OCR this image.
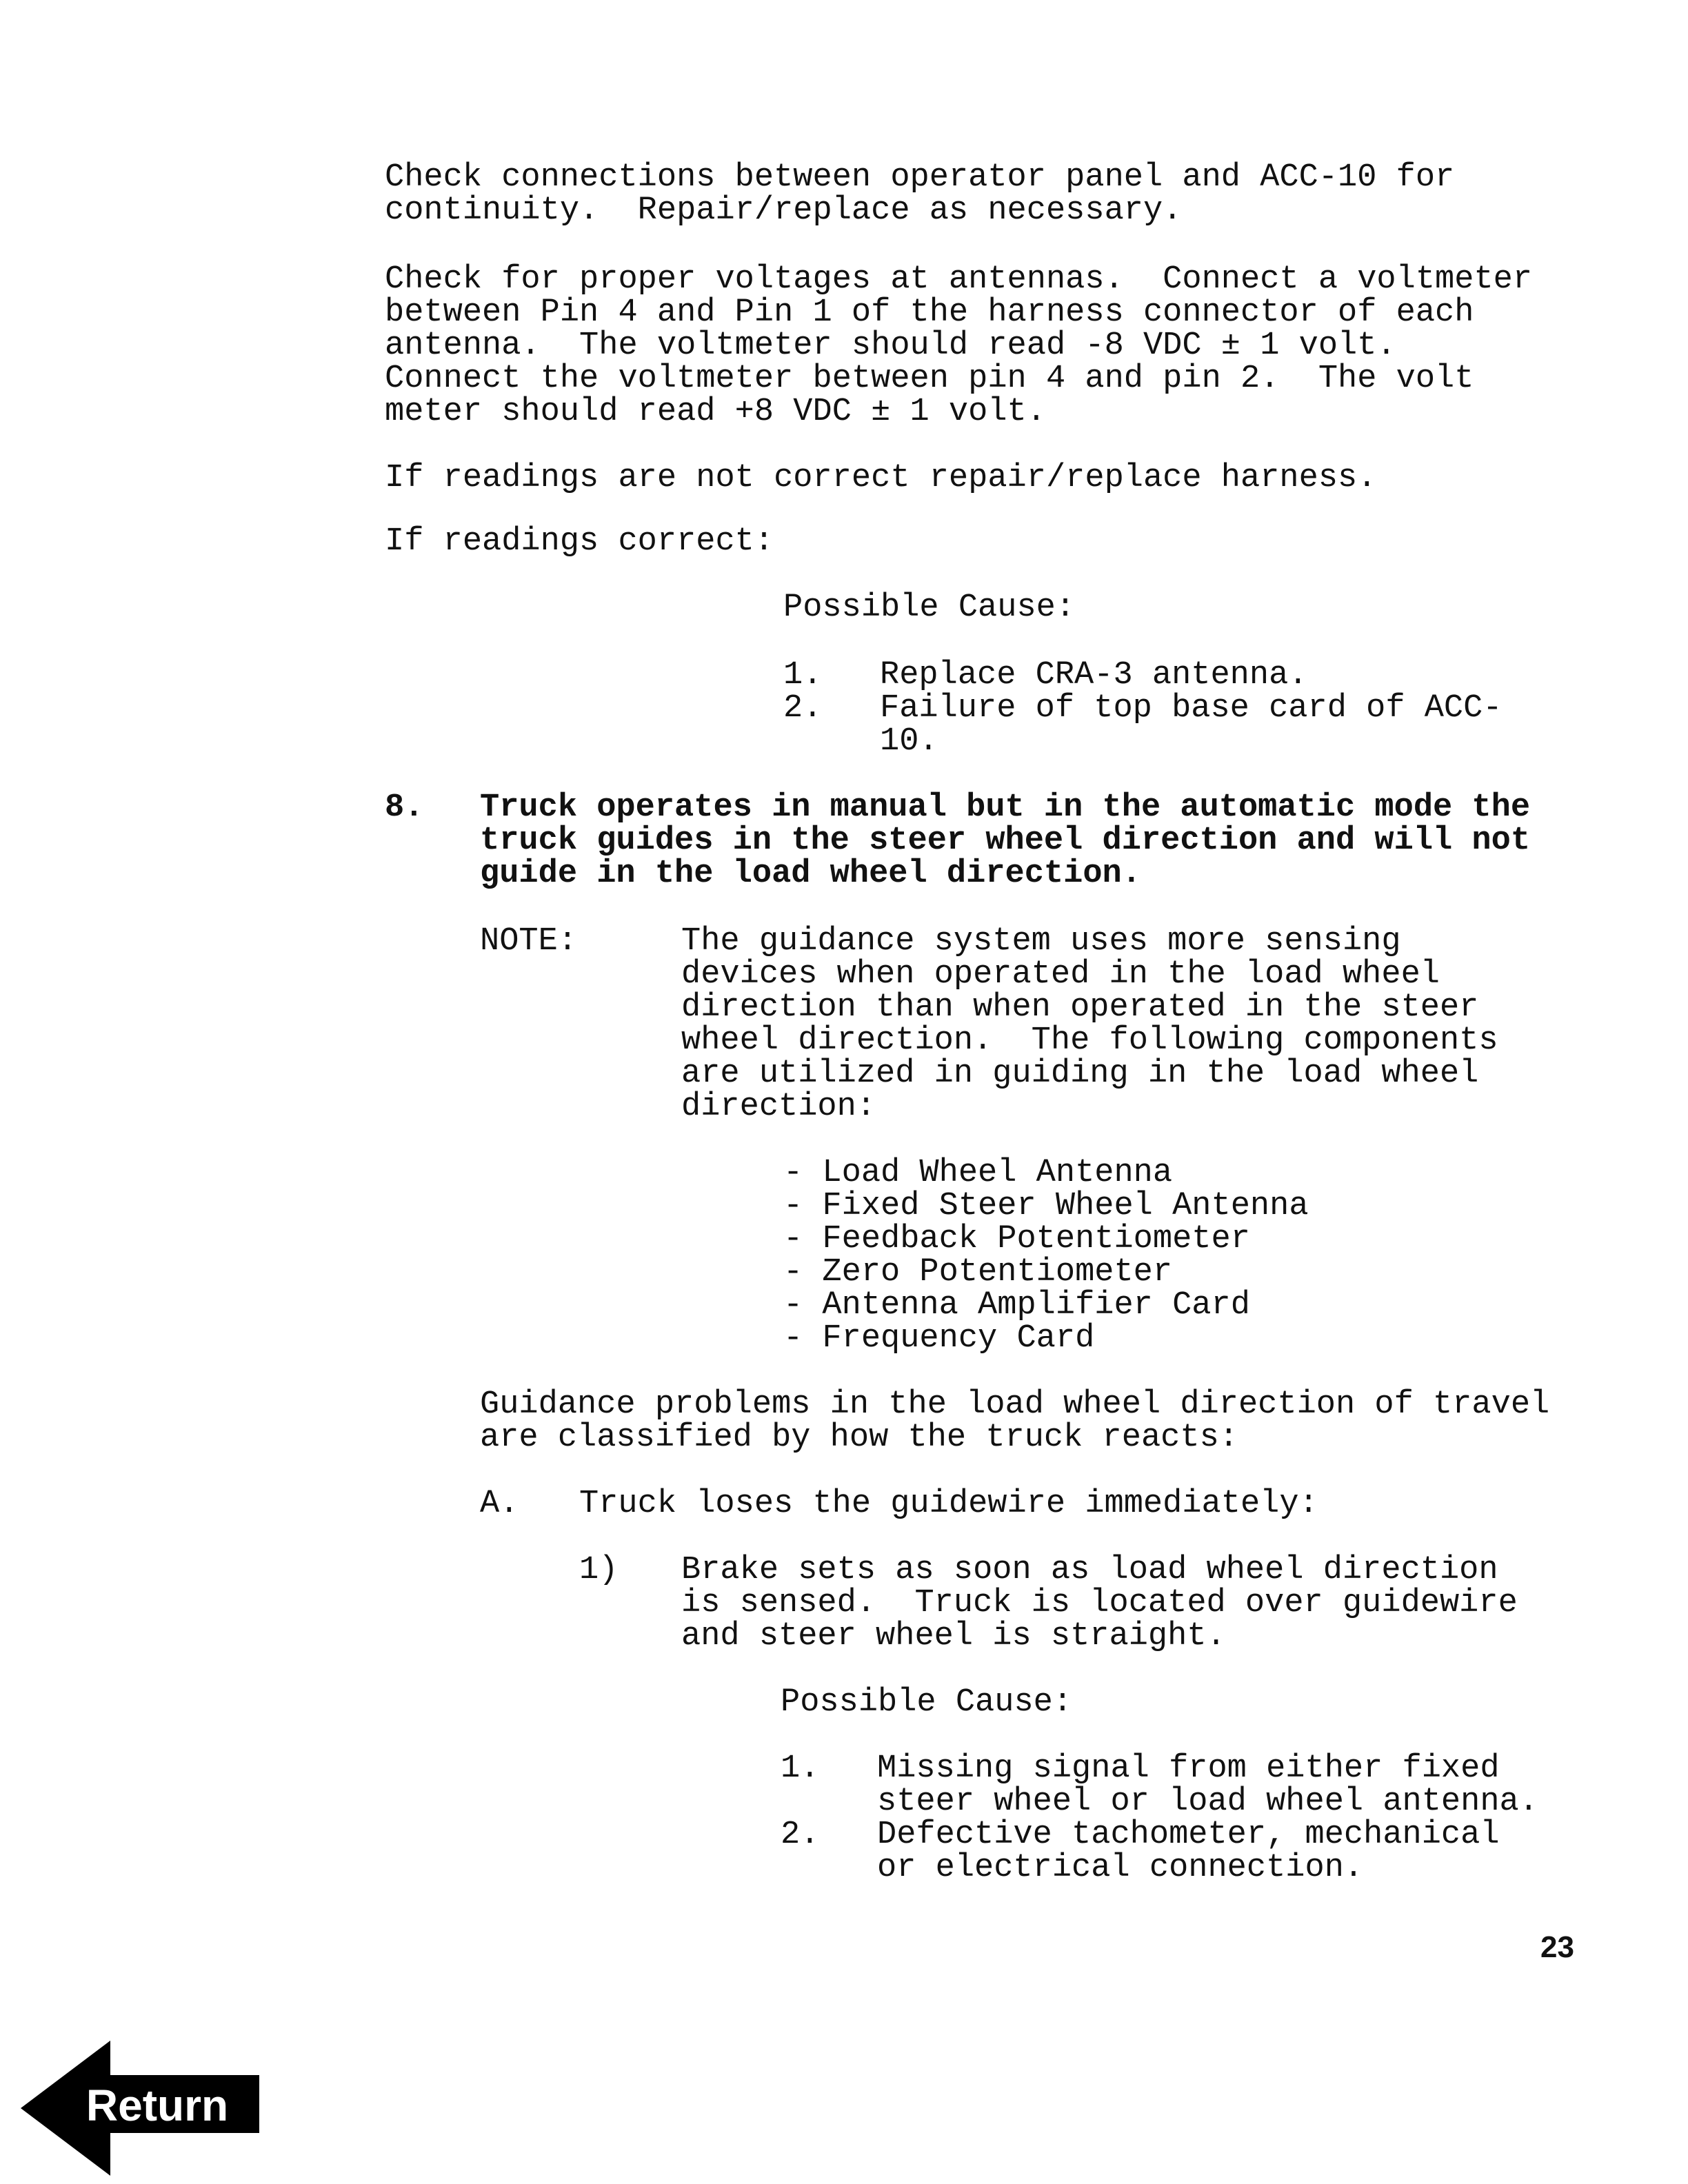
Check connections between operator panel and ACC-10 for
continuity.  Repair/replace as necessary.
Check for proper voltages at antennas.  Connect a voltmeter
between Pin 4 and Pin 1 of the harness connector of each
antenna.  The voltmeter should read -8 VDC ± 1 volt.
Connect the voltmeter between pin 4 and pin 2.  The volt
meter should read +8 VDC ± 1 volt.
If readings are not correct repair/replace harness.
If readings correct:
Possible Cause:
1. Replace CRA-3 antenna.
2. Failure of top base card of ACC-
10.
8. Truck operates in manual but in the automatic mode the
truck guides in the steer wheel direction and will not
guide in the load wheel direction.
NOTE:	The guidance system uses more sensing
devices when operated in the load wheel
direction than when operated in the steer
wheel direction.  The following components
are utilized in guiding in the load wheel
direction:
- Load Wheel Antenna
- Fixed Steer Wheel Antenna
- Feedback Potentiometer
- Zero Potentiometer
- Antenna Amplifier Card
- Frequency Card
Guidance problems in the load wheel direction of travel
are classified by how the truck reacts:
A. Truck loses the guidewire immediately:
1) Brake sets as soon as load wheel direction
is sensed.  Truck is located over guidewire
and steer wheel is straight.
Possible Cause:
1. Missing signal from either fixed
steer wheel or load wheel antenna.
2. Defective tachometer, mechanical
or electrical connection.
23
Return
